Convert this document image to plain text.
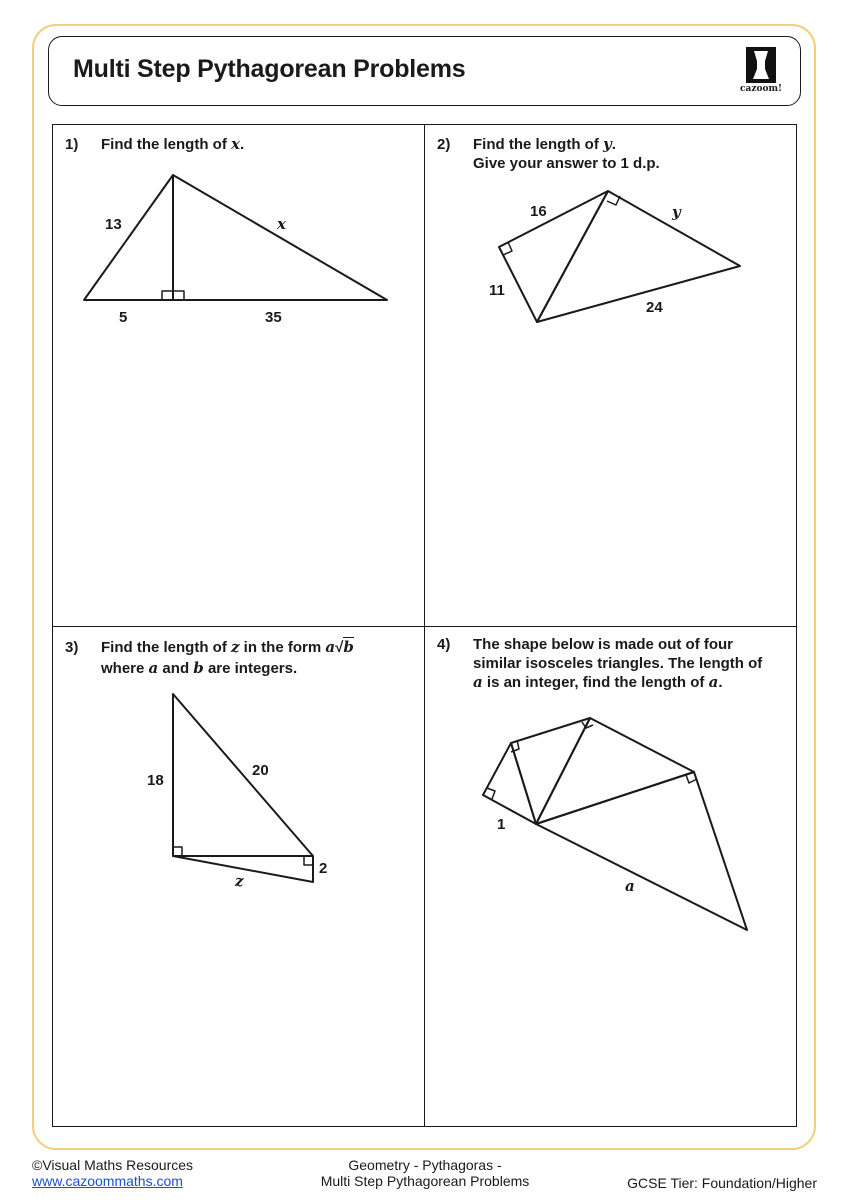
Multi Step Pythagorean Problems
cazoom!
1) Find the length of x.	2) Find the length of y.
Give your answer to 1 d.p.
3) Find the length of z in the form a√b
where a and b are integers.
4) The shape below is made out of four
similar isosceles triangles. The length of
a is an integer, find the length of a.
13	x
5	35
16	y
11
24
18
20
2
z
1
a
©Visual Maths Resources
www.cazoommaths.com
Geometry - Pythagoras -
Multi Step Pythagorean Problems	GCSE Tier: Foundation/Higher
